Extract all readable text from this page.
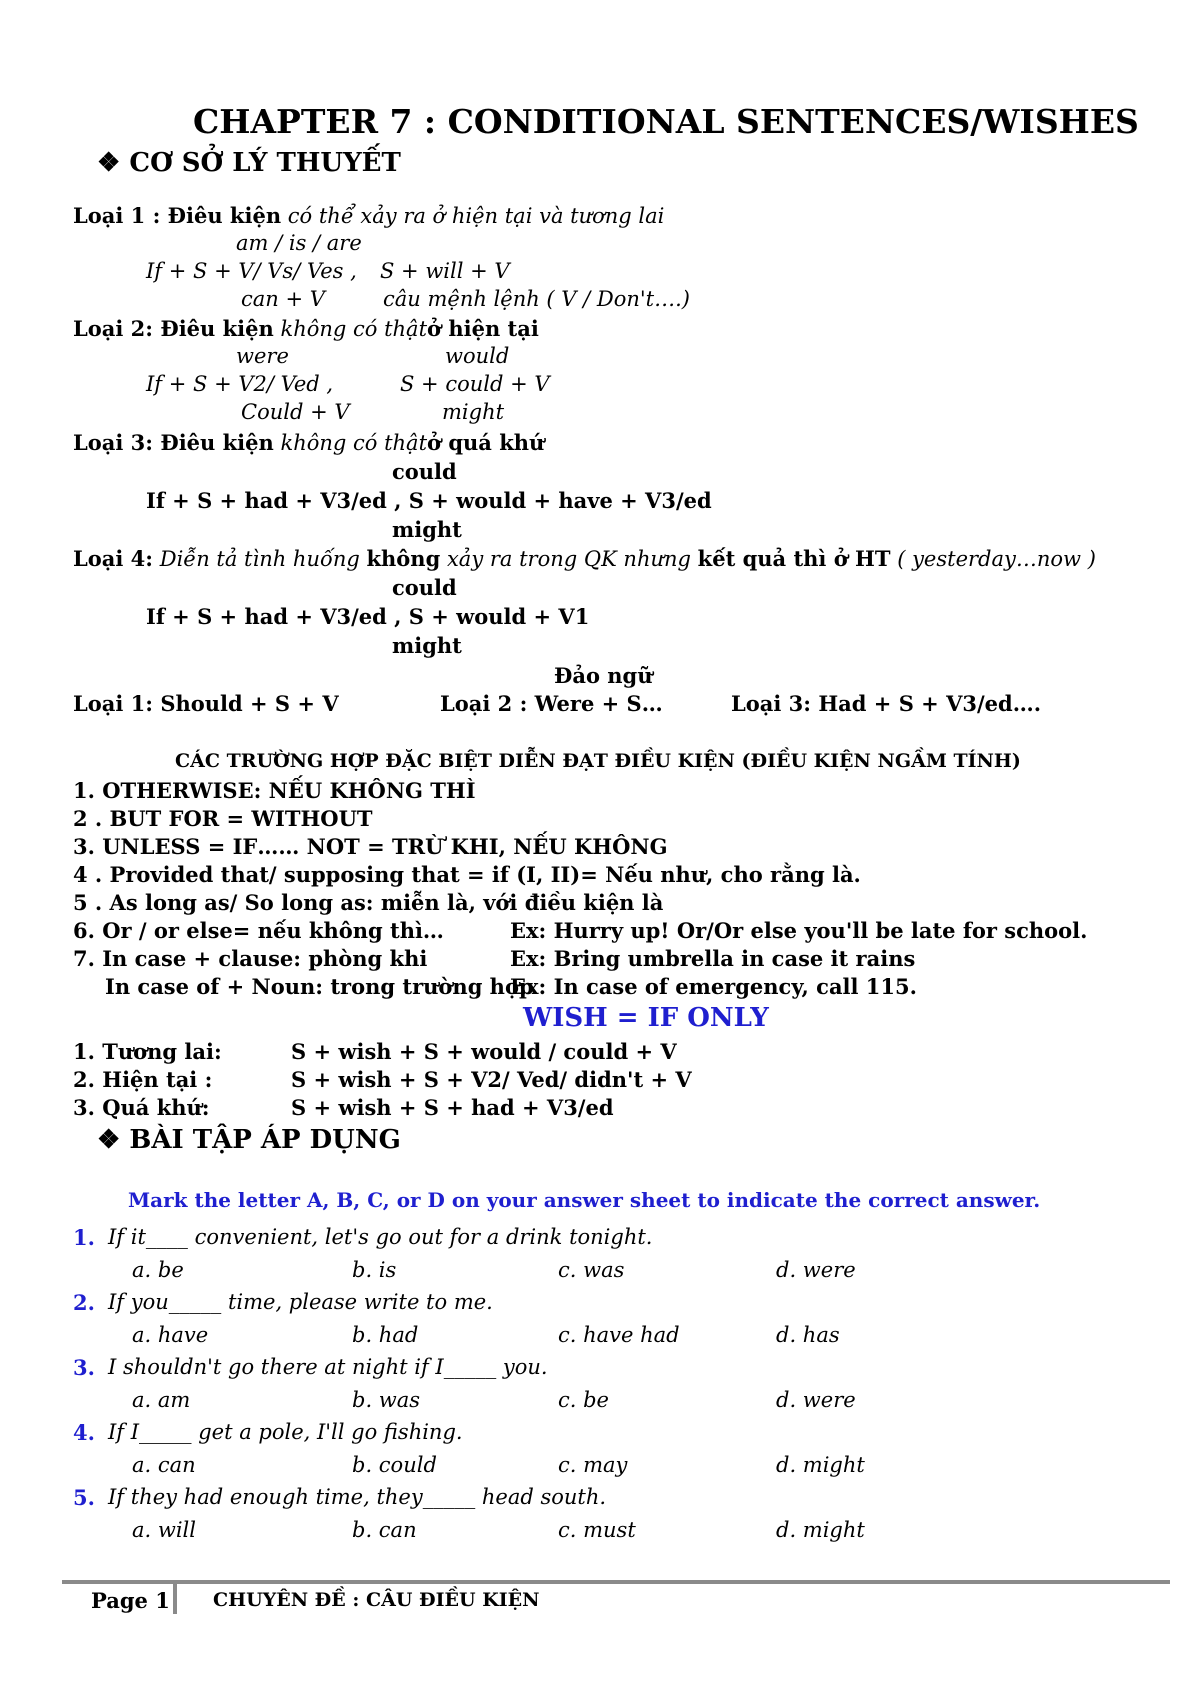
CHAPTER 7 : CONDITIONAL SENTENCES/WISHES
❖ CƠ SỞ LÝ THUYẾT
Loại 1 : Điêu kiện có thể xảy ra ở hiện tại và tương lai
am / is / are
If + S + V/ Vs/ Ves , S + will + V
can + V	câu mệnh lệnh ( V / Don't….)
Loại 2: Điêu kiện không có thậtở hiện tại
were	would
If + S + V2/ Ved ,	S + could + V
Could + V	might
Loại 3: Điêu kiện không có thậtở quá khứ
could
If + S + had + V3/ed , S + would + have + V3/ed
might
Loại 4: Diễn tả tình huống không xảy ra trong QK nhưng kết quả thì ở HT ( yesterday…now )
could
If + S + had + V3/ed , S + would + V1
might
Đảo ngữ
Loại 1: Should + S + V	Loại 2 : Were + S…	Loại 3: Had + S + V3/ed….
CÁC TRƯỜNG HỢP ĐẶC BIỆT DIỄN ĐẠT ĐIỀU KIỆN (ĐIỀU KIỆN NGẦM TÍNH)
1. OTHERWISE: NẾU KHÔNG THÌ
2 . BUT FOR = WITHOUT
3. UNLESS = IF…… NOT = TRỪ KHI, NẾU KHÔNG
4 . Provided that/ supposing that = if (I, II)= Nếu như, cho rằng là.
5 . As long as/ So long as: miễn là, với điều kiện là
6. Or / or else= nếu không thì…	Ex: Hurry up! Or/Or else you'll be late for school.
7. In case + clause: phòng khi	Ex: Bring umbrella in case it rains
In case of + Noun: trong trường hợp
Ex: In case of emergency, call 115.
WISH = IF ONLY
1. Tương lai:	S + wish + S + would / could + V
2. Hiện tại :	S + wish + S + V2/ Ved/ didn't + V
3. Quá khứ:	S + wish + S + had + V3/ed
❖ BÀI TẬP ÁP DỤNG
Mark the letter A, B, C, or D on your answer sheet to indicate the correct answer.
1. If it____ convenient, let's go out for a drink tonight.
a. be	b. is	c. was	d. were
2. If you_____ time, please write to me.
a. have	b. had	c. have had	d. has
3. I shouldn't go there at night if I_____ you.
a. am	b. was	c. be	d. were
4. If I_____ get a pole, I'll go fishing.
a. can	b. could	c. may	d. might
5. If they had enough time, they_____ head south.
a. will	b. can	c. must	d. might
Page 1 CHUYÊN ĐỀ : CÂU ĐIỀU KIỆN
